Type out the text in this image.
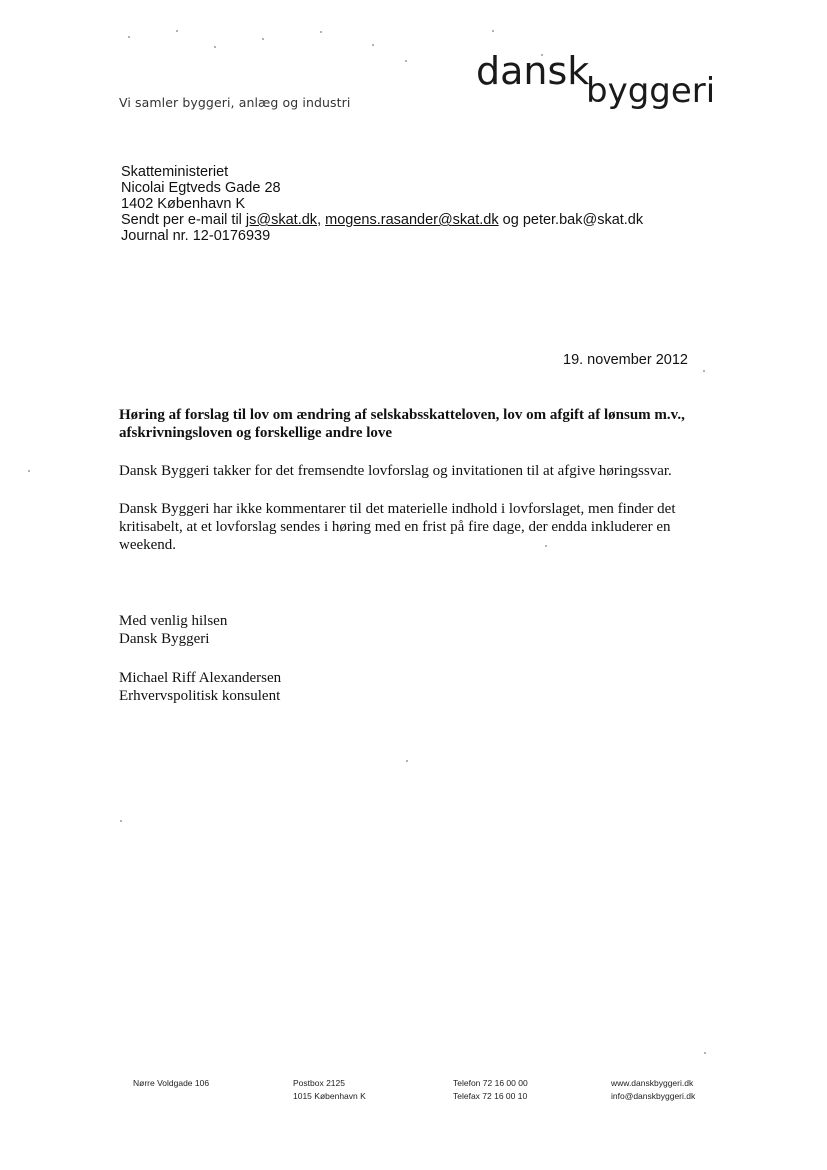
Vi samler byggeri, anlæg og industri
dansk
byggeri
Skatteministeriet
Nicolai Egtveds Gade 28
1402 København K
Sendt per e-mail til js@skat.dk, mogens.rasander@skat.dk og peter.bak@skat.dk
Journal nr. 12-0176939
19. november 2012
Høring af forslag til lov om ændring af selskabsskatteloven, lov om afgift af lønsum m.v., afskrivningsloven og forskellige andre love
Dansk Byggeri takker for det fremsendte lovforslag og invitationen til at afgive høringssvar.
Dansk Byggeri har ikke kommentarer til det materielle indhold i lovforslaget, men finder det kritisabelt, at et lovforslag sendes i høring med en frist på fire dage, der endda inkluderer en weekend.
Med venlig hilsen
Dansk Byggeri
Michael Riff Alexandersen
Erhvervspolitisk konsulent
Nørre Voldgade 106	Postbox 2125
1015 København K
Telefon 72 16 00 00
Telefax 72 16 00 10
www.danskbyggeri.dk
info@danskbyggeri.dk
